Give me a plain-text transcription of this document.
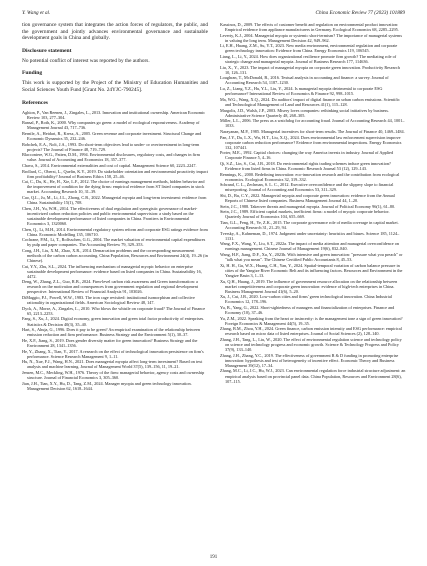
Y. Wang et al.	China Economic Review 77 (2023) 101889

tion governance system that integrates the action forces of regulators, the public, and the government and jointly advances environmental governance and sustainable development goals in China and globally.

Disclosure statement

No potential conflict of interest was reported by the authors.

Funding

This work is supported by the Project of the Ministry of Education Humanities and Social Sciences Youth Fund [Grant No. 24YJC-790245].

References

Aghion, P., Van Reenen, J., Zingales, L., 2013. Innovation and institutional ownership. American Economic Review 103, 277–304.

Bansal, P., Roth, K., 2000. Why companies go green: a model of ecological responsiveness. Academy of Management Journal 43, 717–736.

Bernile, A., Heidari, R., Kresz, A., 2005. Green revenue and corporate investment. Structural Change and Economic Dynamics 35, 232–246.

Bobchek, E.A., Nolt, J.A., 1993. Do short-term objectives lead to under- or overinvestment in long-term projects? The Journal of Finance 48, 719–729.

Blacconiere, W.G., Patten, D.M., 1994. Environmental disclosures, regulatory costs, and changes in firm value. Journal of Accounting and Economics 18, 357–377.

Chava, S., 2014. Environmental externalities and cost of capital. Management Science 60, 2223–2247.

Brollard, C., Oberst, L., Quelin, K.Y., 2019. Do stakeholder orientation and environmental proactivity impact firm profitability? Journal of Business Ethics 158, 25–46.

Cai, C., Du, K., He, H., Xie, L.F., 2012. The choice of earnings management methods, hidden behavior and the improvement of condition for the dying firms: empirical evidence from ST listed companies in stock market. Accounting Research 10, 31–39.

Cao, Q.L., Ju, M., Li, J.L., Zhong, C.B., 2022. Managerial myopia and long-term investment: evidence from China. Sustainability 15(1), 708.

Chen, J.H., Yu, W.H., 2014. The effectiveness of dual regulation and synergistic governance of market-incentivized carbon reduction policies and public environmental supervision: a study based on the sustainable development performance of listed companies in China. Frontiers in Environmental Economics 3, 1320060.

Chen, Q., Li, M.H., 2014. Environmental regulatory system reform and corporate ESG ratings evidence from China. Economic Modelling 135, 106710.

Cochrane, P.M., Li, T., Rolfsschen, G.G., 2004. The market valuation of environmental capital expenditures by pulp and paper companies. The Accounting Review 79, 329–353.

Cong, J.H., Liu, X.M., Zhao, X.R., 2014. Demarcation problems and the corresponding measurement methods of the carbon carbon accounting. China Population, Resources and Environment 24(4), 19–26 (in Chinese).

Cui, Y.Y., Zhu, S.L., 2024. The influencing mechanism of managerial myopic behavior on enterprise sustainable development performance: evidence based on listed companies in China. Sustainability 16, 4472.

Deng, W., Zhang, Z.L., Guo, R.B., 2024. Firm-level carbon risk awareness and Green transformation: a research on the motivation and consequences from government regulation and regional development perspective. International Review of Financial Analysis 91, 103026.

DiMaggio, P.J., Powell, W.W., 1983. The iron cage revisited: institutional isomorphism and collective rationality in organizational fields. American Sociological Review 48, 147.

Dyck, A., Morse, A., Zingales, L., 2010. Who blows the whistle on corporate fraud? The Journal of Finance 65, 2213–2253.

Fang, S., Xu, J., 2024. Digital economy, green innovation and green total factor productivity of enterprises. Statistics & Decision 40(3), 35–40.

Hart, S., Ahuja, G., 1996. Does it pay to be green? An empirical examination of the relationship between emission reduction and firm performance. Business Strategy and the Environment 5(1), 30–37.

He, X.F., Jiang, S., 2019. Does gender diversity matter for green innovation? Business Strategy and the Environment 28, 1341–1356.

He, Y., Zhang, X., Tian, Y., 2017. A research on the effect of technological innovation persistence on firm's performance. Science Research Management 9, 1–11.

Hu, N., Xue, F.J., Wang, H.N., 2021. Does managerial myopia affect long-term investment? Based on text analysis and machine learning. Journal of Management World 37(5), 139–156, 11, 19–21.

Jensen, M.C., Meckling, W.H., 1976. Theory of the firm: managerial behavior, agency costs and ownership structure. Journal of Financial Economics 3, 305–360.

Jian, J.H., Tian, X.Y., Hu, D., Tang, Z.M., 2024. Manager myopia and green technology innovation. Management Decision 62, 1618–1644.

Kassinos, D., 2009. The effects of customer benefit and regulation on environmental product innovation: Empirical evidence from appliance manufacturers in Germany. Ecological Economics 68, 2285–2295.

Leverty, K.J., 2004. Managerial myopia or systemic short-termism? The importance of managerial systems in valuing the long term. Management Decision 42, 949–962.

Li, E.H., Huang, Z.M., Su, Y.T., 2023. New media environment, environmental regulation and corporate green technology innovation: Evidence from China. Energy Economics 119, 106545.

Liang, L., Li, Y., 2024. How does organizational resilience promote firm growth? The mediating role of strategic change and managerial myopia. Journal of Business Research 177, 114636.

Liu, X., Y., 2023. The impact of managerial myopia on corporate green innovation. Productivity Research 10, 126–131.

Loughran, T., McDonald, B., 2016. Textual analysis in accounting and finance: a survey. Journal of Accounting Research 54, 1187–1230.

Lu, Z., Liang, Y.Z., Hu, Y.L., Liu, Y., 2024. Is managerial myopia detrimental to corporate ESG performance? International Review of Economics & Finance 92, 998–1015.

Ma, W.G., Wang, X.Q., 2024. Do auditors' impact of digital finance on urban carbon emissions. Scientific and Technological Management of Land and Resources 41(1), 115–128.

Margolis, J.D., Walsh, J.P., 2003. Misery loves companies: rethinking social initiatives by business. Administrative Science Quarterly 48, 268–305.

Miller, L.L., 2006. The press as a watchdog for accounting fraud. Journal of Accounting Research 44, 1001–1033.

Narayanan, M.P., 1985. Managerial incentives for short-term results. The Journal of Finance 40, 1469–1484.

Pan, J.Y., Du, L.X., Wu, H.T., Liu, X.Q., 2024. Does environmental law enforcement supervision improve corporate carbon reduction performance? Evidence from environmental inspections. Energy Economics 132, 107441.

Porter, M.E., 1992. Capital choices: changing the way America invests in industry. Journal of Applied Corporate Finance 5, 4–16.

Qi, S.Z., Lin, S., Cui, J.B., 2018. Do environmental rights trading schemes induce green innovation? Evidence from listed firms in China. Economic Research Journal 53 (12), 129–143.

Rennings, K., 2000. Redefining innovation: eco-innovation research and the contribution from ecological economics. Ecological Economics 32, 319–332.

Schrand, C. L., Zechman, S. L. C., 2012. Executive overconfidence and the slippery slope to financial misreporting. Journal of Accounting and Economics 53, 311–329.

Shi, D., Bu, C.Y., 2022. Managerial myopia and corporate green innovation: evidence from the Annual Reports of Chinese listed companies. Business Management Journal 44, 1–20.

Stein, J.C., 1988. Takeover threats and managerial myopia. Journal of Political Economy 96(1), 61–80.

Stein, J.C., 1989. Efficient capital markets, inefficient firms: a model of myopic corporate behavior. Quarterly Journal of Economics 104, 655–669.

Tian, G.L., Feng, H., Ye, Z.K., 2015. The corporate governance role of media coverage in capital market. Accounting Research 31, 21–29, 94.

Tversky, A., Kahneman, D., 1974. Judgment under uncertainty: heuristics and biases. Science 185, 1124–1131.

Wang, F.X., Wang, Y., Liu, S.T., 2022a. The impact of media attention and managerial overconfidence on earnings management. Chinese Journal of Management 19(6), 832–840.

Wang, H.F., Jiang, D.F., Xu, Y., 2023b. With intensive and green innovation: "pressure what you preach" or "talk what you mean". The Chinese Certified Public Accountants 8, 45–53.

Xi, H. H., Gu, W.X., Huang, C.H., Yan, Y., 2024. Spatial-temporal variation of carbon balance pressure in cities of the Yangtze River Economic Belt and its influencing factors. Resources and Environment in the Yangtze Basin 3, 1–13.

Xu, Q.H., Huang, J., 2019. The influence of government resource allocation on the relationship between market competitiveness and corporate green innovation: evidence of high-tech enterprises in China. Business Management Journal 41(6), 5–20.

Xu, J., Cui, J.B., 2020. Low-carbon cities and firms' green technological innovation. China Industrial Economics 12, 178–196.

Yu, B., Yang, G., 2022. Short-sightedness of managers and financialization of enterprises. Finance and Economy (10), 37–46.

Yu, Z.M., 2022. Speaking from the heart or insincerity: is the management tone a sign of green innovation? Foreign Economics & Management 44(5), 19–35.

Zhang, B.M., Zhou, Y.H., 2024. Green finance, carbon emission intensity and ESG performance: empirical research based on micro data of listed enterprises. Journal of Social Sciences (2), 128–140.

Zhang, J.H., Tang, L., Liu, W., 2020. The effect of environmental regulation science and technology policy on science and technology progress and economic growth. Science & Technology Progress and Policy 37(9), 133–140.

Zhang, J.H., Zhang, Y.C., 2019. The effectiveness of government R & D funding in promoting enterprise innovation: hypothesis and test of heterogeneity of incentive effect. Economic Theory and Business Management 39(12), 17–34.

Zhang, M.C., Li, J.C., Hu, W.J., 2023. Can environmental regulation force industrial structure adjustment: an empirical analysis based on provincial panel data. China Population, Resources and Environment 28(6), 107–115.

191
